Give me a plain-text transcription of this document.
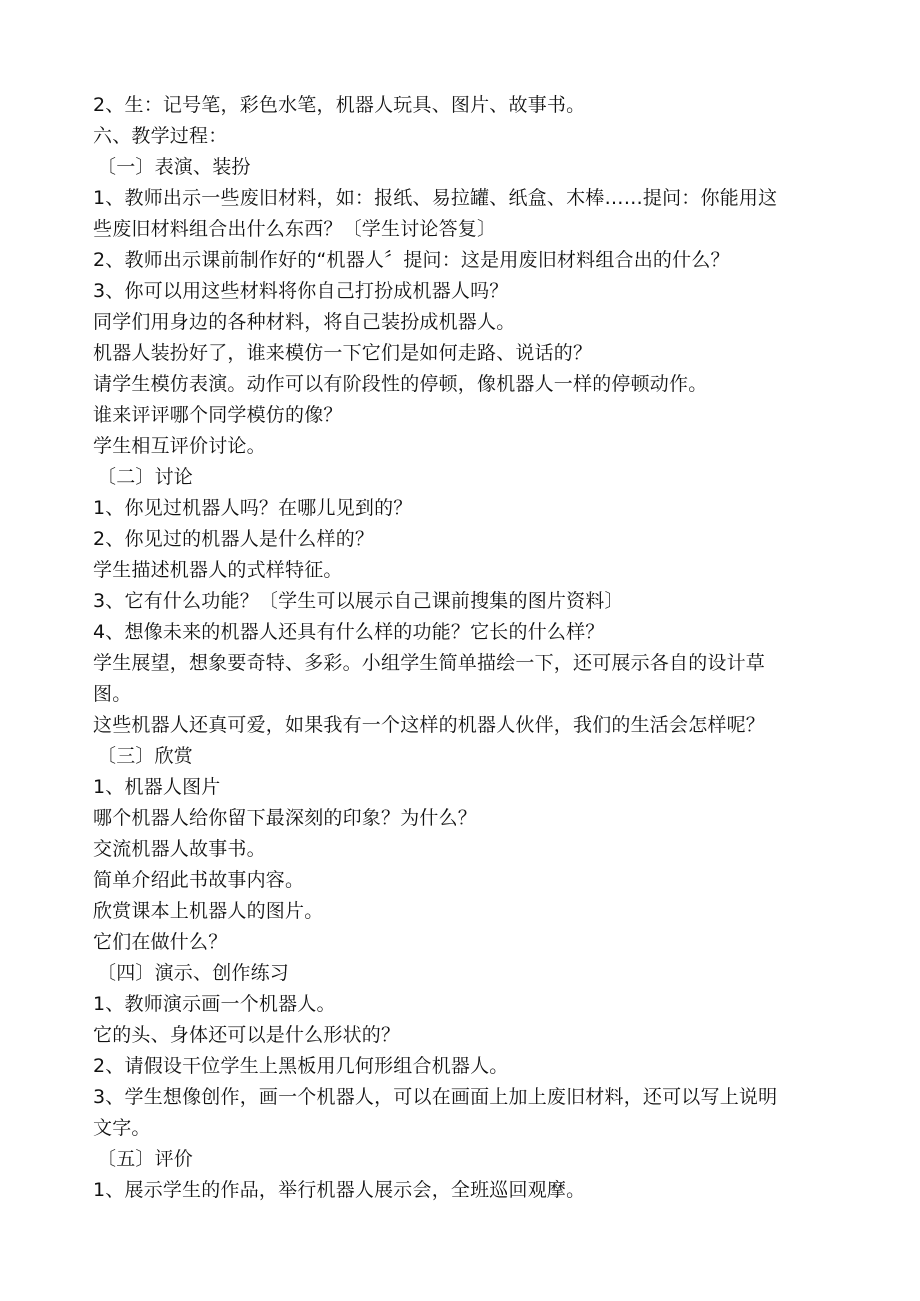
2、生：记号笔，彩色水笔，机器人玩具、图片、故事书。
六、教学过程：
〔一〕表演、装扮
1、教师出示一些废旧材料，如：报纸、易拉罐、纸盒、木棒……提问：你能用这
些废旧材料组合出什么东西？〔学生讨论答复〕
2、教师出示课前制作好的“机器人〞提问：这是用废旧材料组合出的什么？
3、你可以用这些材料将你自己打扮成机器人吗？
同学们用身边的各种材料，将自己装扮成机器人。
机器人装扮好了，谁来模仿一下它们是如何走路、说话的？
请学生模仿表演。动作可以有阶段性的停顿，像机器人一样的停顿动作。
谁来评评哪个同学模仿的像？
学生相互评价讨论。
〔二〕讨论
1、你见过机器人吗？在哪儿见到的？
2、你见过的机器人是什么样的？
学生描述机器人的式样特征。
3、它有什么功能？〔学生可以展示自己课前搜集的图片资料〕
4、想像未来的机器人还具有什么样的功能？它长的什么样？
学生展望，想象要奇特、多彩。小组学生简单描绘一下，还可展示各自的设计草
图。
这些机器人还真可爱，如果我有一个这样的机器人伙伴，我们的生活会怎样呢？
〔三〕欣赏
1、机器人图片
哪个机器人给你留下最深刻的印象？为什么？
交流机器人故事书。
简单介绍此书故事内容。
欣赏课本上机器人的图片。
它们在做什么？
〔四〕演示、创作练习
1、教师演示画一个机器人。
它的头、身体还可以是什么形状的？
2、请假设干位学生上黑板用几何形组合机器人。
3、学生想像创作，画一个机器人，可以在画面上加上废旧材料，还可以写上说明
文字。
〔五〕评价
1、展示学生的作品，举行机器人展示会，全班巡回观摩。
